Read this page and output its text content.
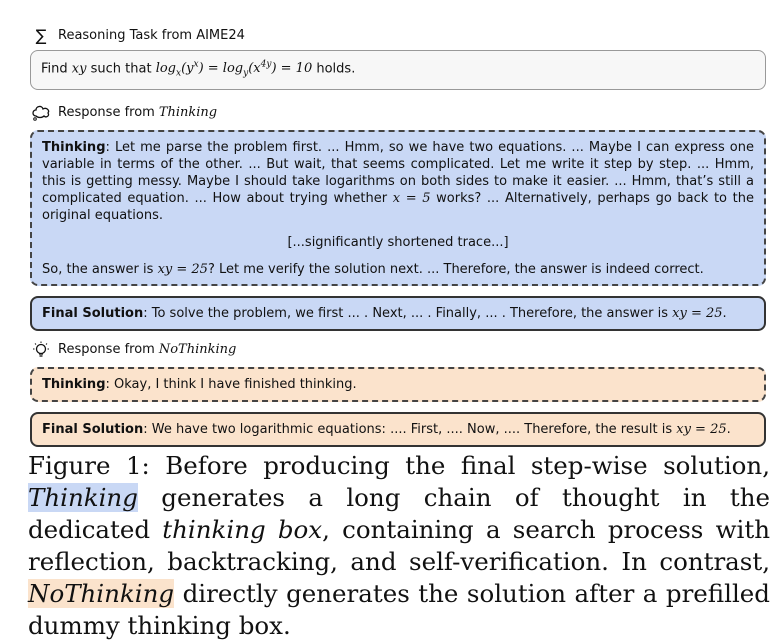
∑ Reasoning Task from AIME24
Find xy such that $\log_x(y^x) = \log_y(x^{4y}) = 10$ holds.
Response from Thinking
Thinking: Let me parse the problem first. ... Hmm, so we have two equations. ... Maybe I can express one variable in terms of the other. ... But wait, that seems complicated. Let me write it step by step. ... Hmm, this is getting messy. Maybe I should take logarithms on both sides to make it easier. ... Hmm, that’s still a complicated equation. ... How about trying whether x = 5 works? ... Alternatively, perhaps go back to the original equations.
[...significantly shortened trace...]
So, the answer is xy = 25? Let me verify the solution next. ... Therefore, the answer is indeed correct.
Final Solution: To solve the problem, we first ... . Next, ... . Finally, ... . Therefore, the answer is xy = 25.
Response from NoThinking
Thinking: Okay, I think I have finished thinking.
Final Solution: We have two logarithmic equations: .... First, .... Now, .... Therefore, the result is xy = 25.
Figure 1: Before producing the final step-wise solution, Thinking generates a long chain of thought in the dedicated thinking box, containing a search process with reflection, backtracking, and self-verification. In contrast, NoThinking directly generates the solution after a prefilled dummy thinking box.
